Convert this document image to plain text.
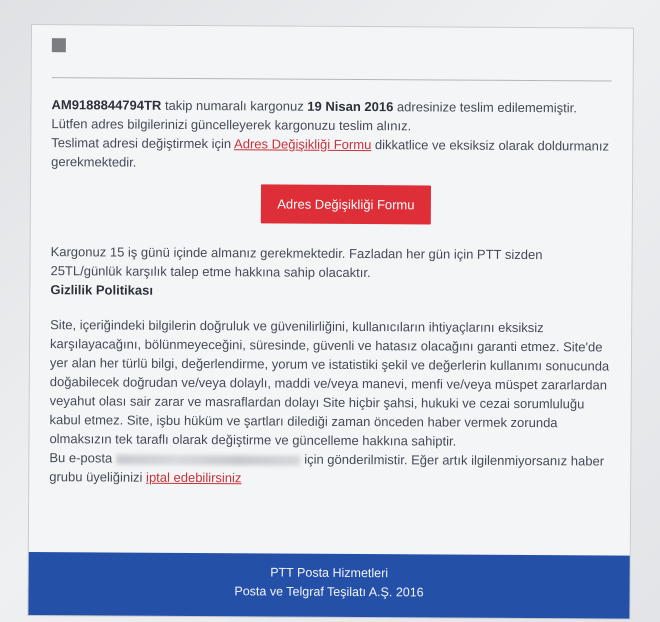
AM9188844794TR takip numaralı kargonuz 19 Nisan 2016 adresinize teslim edilememiştir. Lütfen adres bilgilerinizi güncelleyerek kargonuzu teslim alınız.

Teslimat adresi değiştirmek için Adres Değişikliği Formu dikkatlice ve eksiksiz olarak doldurmanız gerekmektedir.

Adres Değişikliği Formu

Kargonuz 15 iş günü içinde almanız gerekmektedir. Fazladan her gün için PTT sizden 25TL/günlük karşılık talep etme hakkına sahip olacaktır.

Gizlilik Politikası

Site, içeriğindeki bilgilerin doğruluk ve güvenilirliğini, kullanıcıların ihtiyaçlarını eksiksiz karşılayacağını, bölünmeyeceğini, süresinde, güvenli ve hatasız olacağını garanti etmez. Site'de yer alan her türlü bilgi, değerlendirme, yorum ve istatistiki şekil ve değerlerin kullanımı sonucunda doğabilecek doğrudan ve/veya dolaylı, maddi ve/veya manevi, menfi ve/veya müspet zararlardan veyahut olası sair zarar ve masraflardan dolayı Site hiçbir şahsi, hukuki ve cezai sorumluluğu kabul etmez. Site, işbu hüküm ve şartları dilediği zaman önceden haber vermek zorunda olmaksızın tek taraflı olarak değiştirme ve güncelleme hakkına sahiptir.

Bu e-posta	için gönderilmistir. Eğer artık ilgilenmiyorsanız haber grubu üyeliğinizi iptal edebilirsiniz

PTT Posta Hizmetleri
Posta ve Telgraf Teşilatı A.Ş. 2016
